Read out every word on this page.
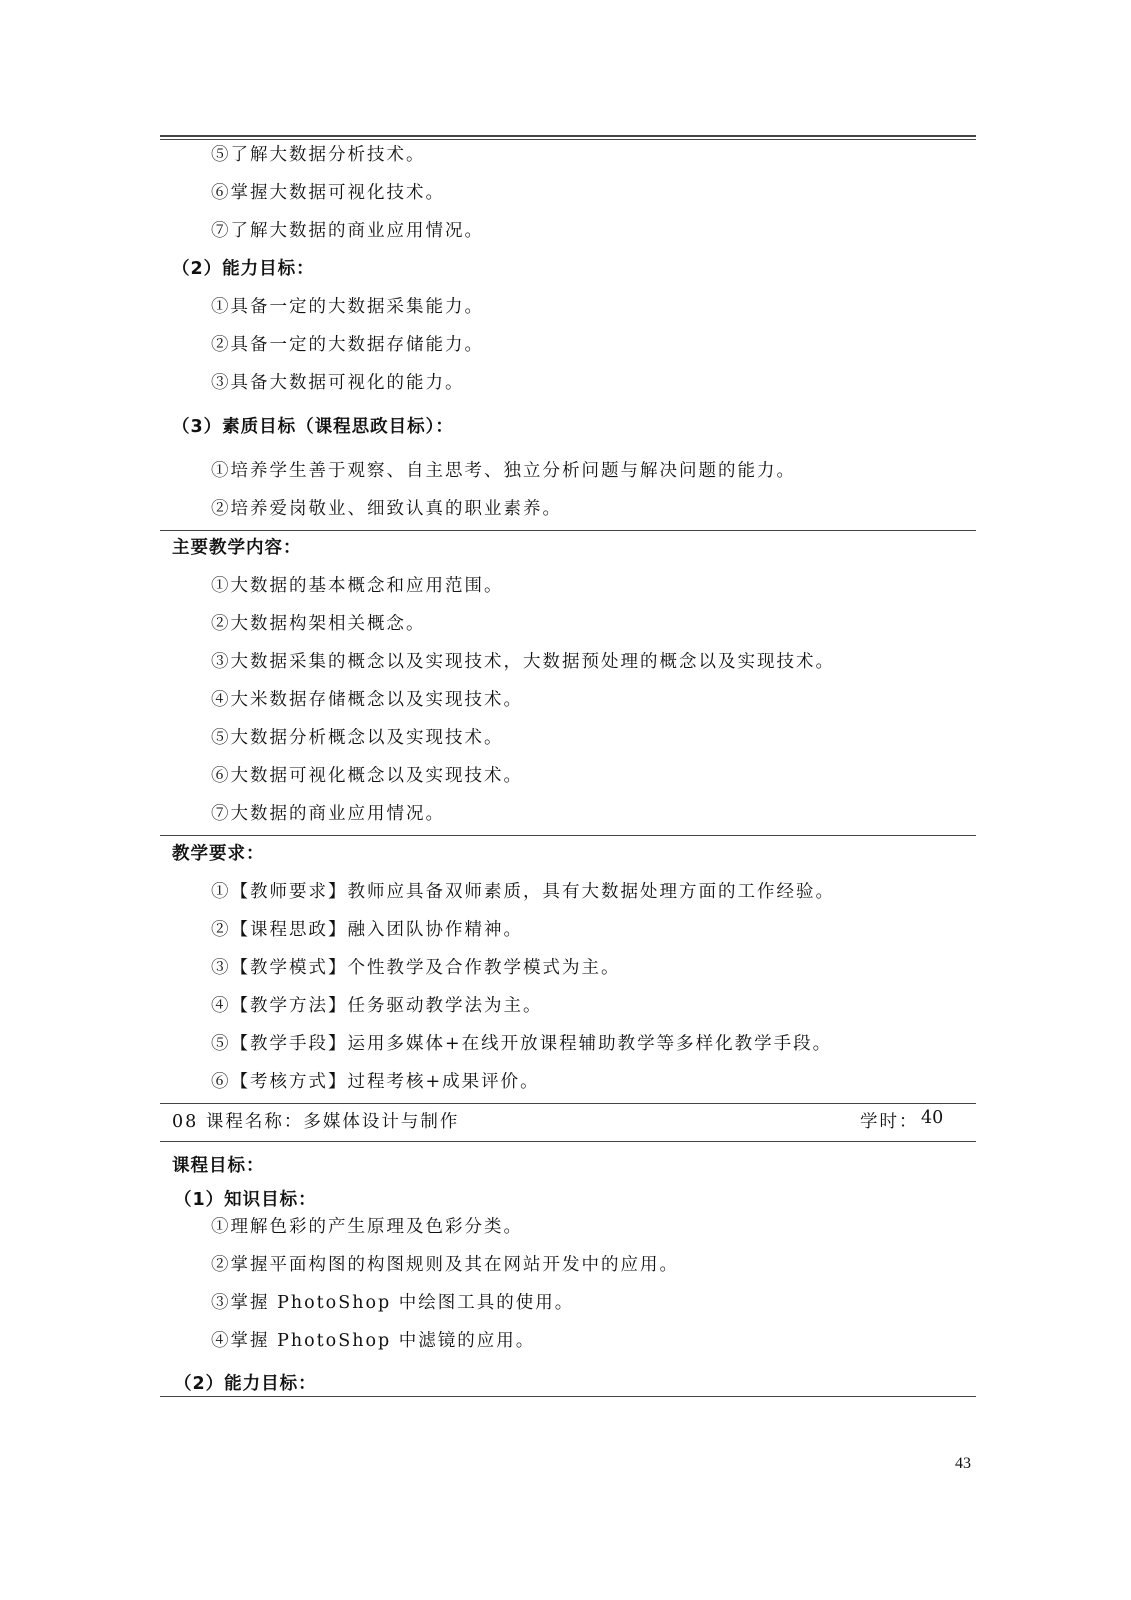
⑤了解大数据分析技术。
⑥掌握大数据可视化技术。
⑦了解大数据的商业应用情况。
（2）能力目标：
①具备一定的大数据采集能力。
②具备一定的大数据存储能力。
③具备大数据可视化的能力。
（3）素质目标（课程思政目标）：
①培养学生善于观察、自主思考、独立分析问题与解决问题的能力。
②培养爱岗敬业、细致认真的职业素养。
主要教学内容：
①大数据的基本概念和应用范围。
②大数据构架相关概念。
③大数据采集的概念以及实现技术，大数据预处理的概念以及实现技术。
④大米数据存储概念以及实现技术。
⑤大数据分析概念以及实现技术。
⑥大数据可视化概念以及实现技术。
⑦大数据的商业应用情况。
教学要求：
①【教师要求】教师应具备双师素质，具有大数据处理方面的工作经验。
②【课程思政】融入团队协作精神。
③【教学模式】个性教学及合作教学模式为主。
④【教学方法】任务驱动教学法为主。
⑤【教学手段】运用多媒体+在线开放课程辅助教学等多样化教学手段。
⑥【考核方式】过程考核+成果评价。
08 课程名称：多媒体设计与制作	学时： 40
课程目标：
（1）知识目标：
①理解色彩的产生原理及色彩分类。
②掌握平面构图的构图规则及其在网站开发中的应用。
③掌握 PhotoShop 中绘图工具的使用。
④掌握 PhotoShop 中滤镜的应用。
（2）能力目标：
43
